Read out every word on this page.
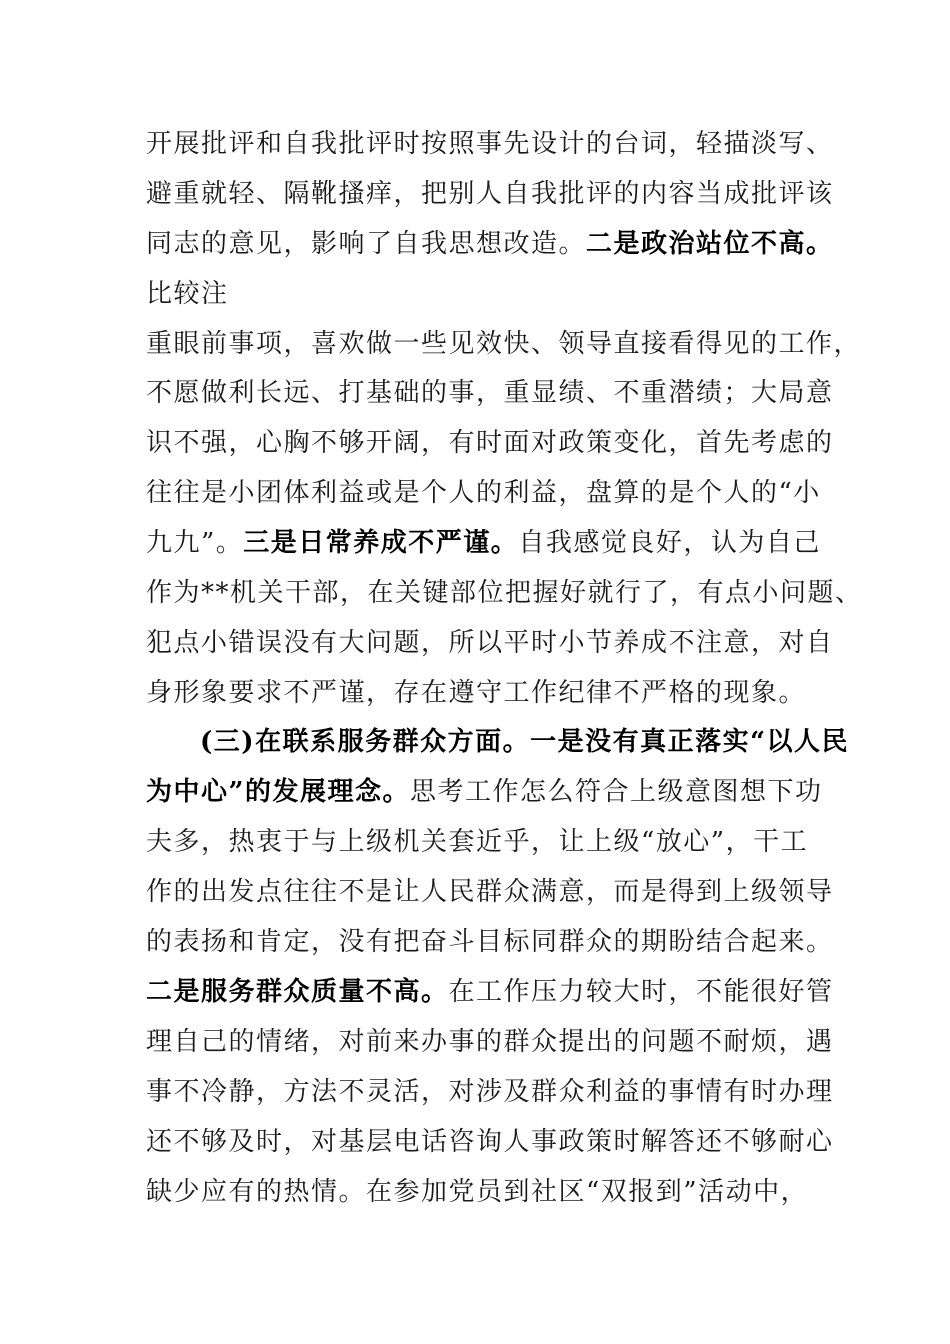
开展批评和自我批评时按照事先设计的台词，轻描淡写、
避重就轻、隔靴搔痒，把别人自我批评的内容当成批评该
同志的意见，影响了自我思想改造。二是政治站位不高。
比较注
重眼前事项，喜欢做一些见效快、领导直接看得见的工作，
不愿做利长远、打基础的事，重显绩、不重潜绩；大局意
识不强，心胸不够开阔，有时面对政策变化，首先考虑的
往往是小团体利益或是个人的利益，盘算的是个人的“小
九九”。三是日常养成不严谨。自我感觉良好，认为自己
作为**机关干部，在关键部位把握好就行了，有点小问题、
犯点小错误没有大问题，所以平时小节养成不注意，对自
身形象要求不严谨，存在遵守工作纪律不严格的现象。
(三)在联系服务群众方面。一是没有真正落实“以人民
为中心”的发展理念。思考工作怎么符合上级意图想下功
夫多，热衷于与上级机关套近乎，让上级“放心”，干工
作的出发点往往不是让人民群众满意，而是得到上级领导
的表扬和肯定，没有把奋斗目标同群众的期盼结合起来。
二是服务群众质量不高。在工作压力较大时，不能很好管
理自己的情绪，对前来办事的群众提出的问题不耐烦，遇
事不冷静，方法不灵活，对涉及群众利益的事情有时办理
还不够及时，对基层电话咨询人事政策时解答还不够耐心
缺少应有的热情。在参加党员到社区“双报到”活动中，
